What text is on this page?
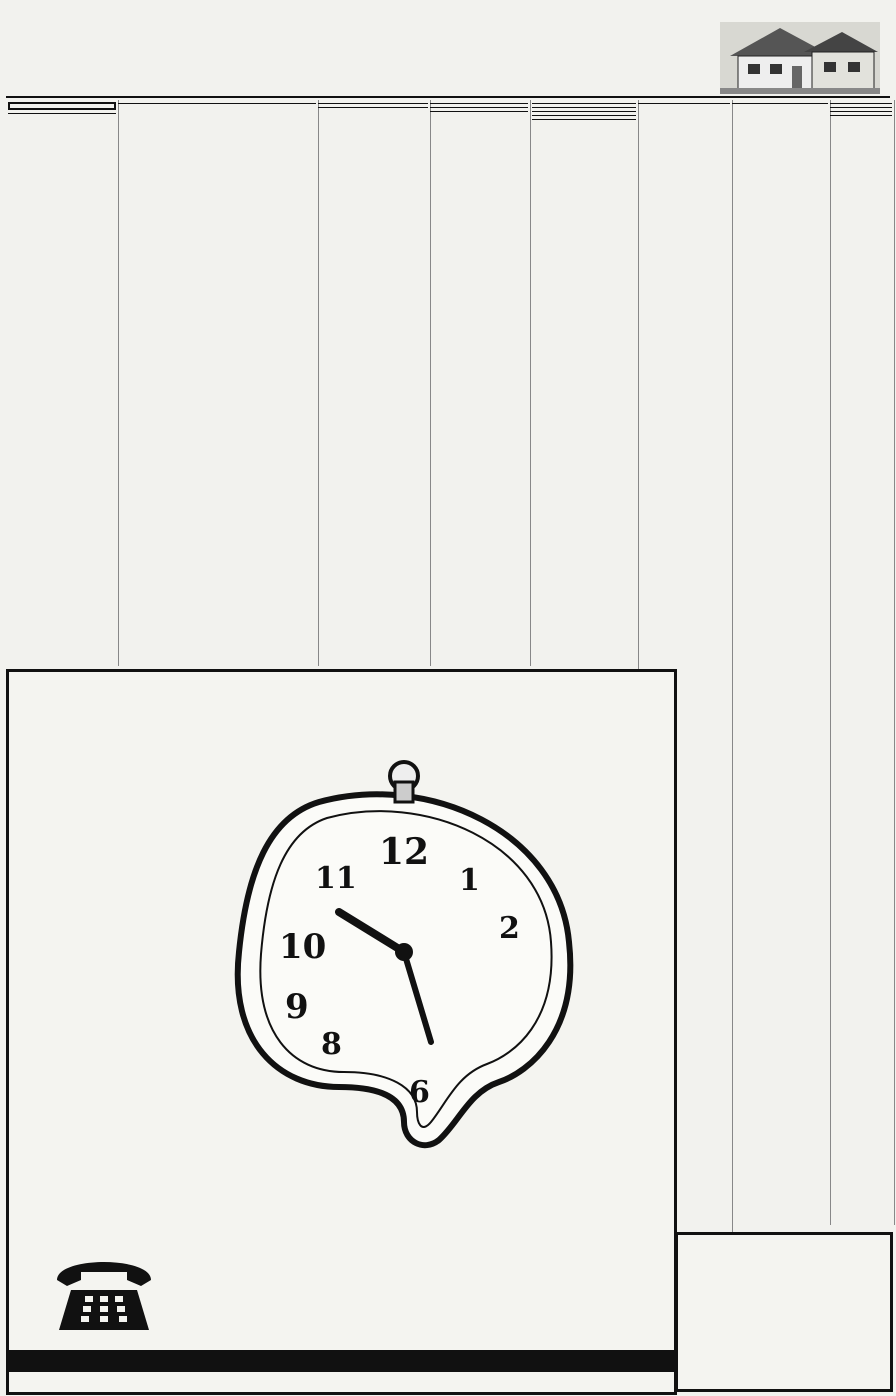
12
1
2
11
10
9
8
6
